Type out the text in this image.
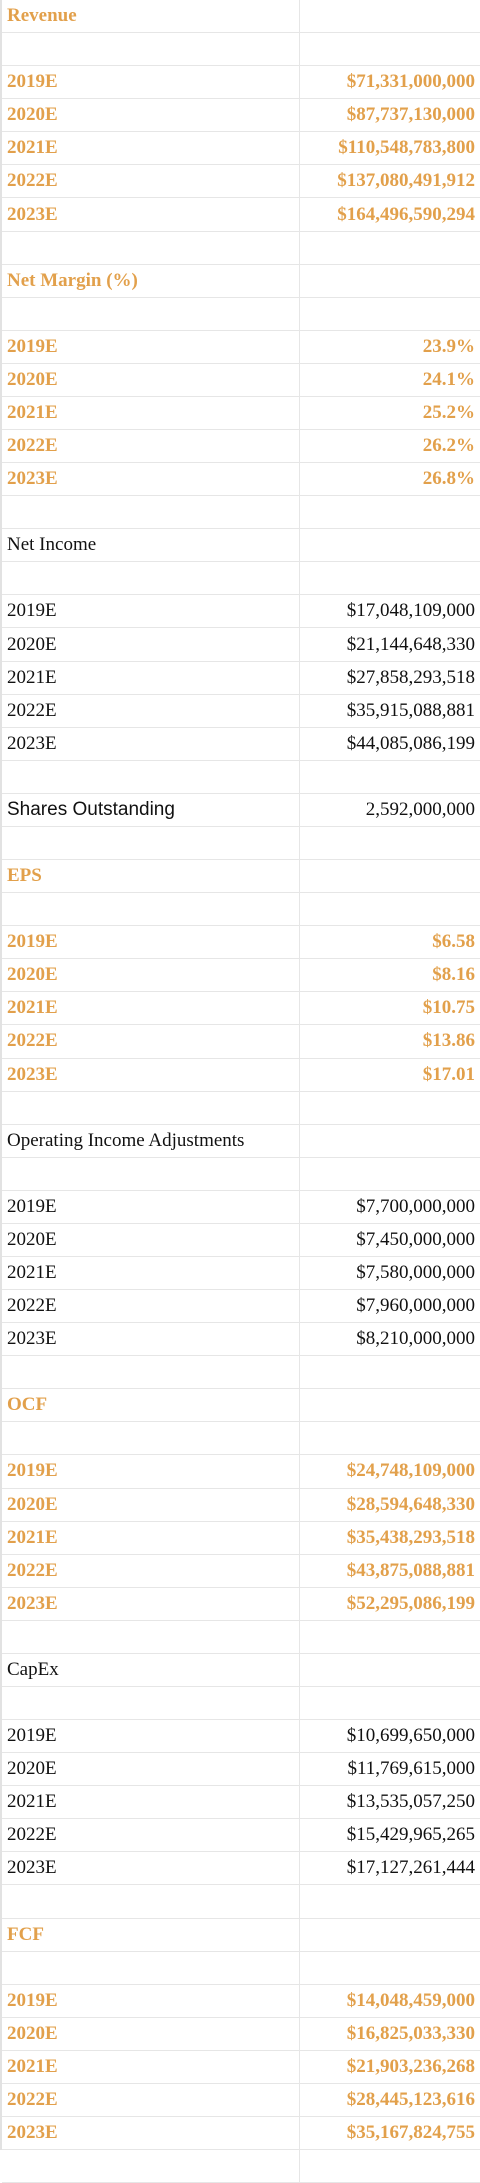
Revenue
2019E	$71,331,000,000
2020E	$87,737,130,000
2021E	$110,548,783,800
2022E	$137,080,491,912
2023E	$164,496,590,294
Net Margin (%)
2019E	23.9%
2020E	24.1%
2021E	25.2%
2022E	26.2%
2023E	26.8%
Net Income
2019E	$17,048,109,000
2020E	$21,144,648,330
2021E	$27,858,293,518
2022E	$35,915,088,881
2023E	$44,085,086,199
Shares Outstanding	2,592,000,000
EPS
2019E	$6.58
2020E	$8.16
2021E	$10.75
2022E	$13.86
2023E	$17.01
Operating Income Adjustments
2019E	$7,700,000,000
2020E	$7,450,000,000
2021E	$7,580,000,000
2022E	$7,960,000,000
2023E	$8,210,000,000
OCF
2019E	$24,748,109,000
2020E	$28,594,648,330
2021E	$35,438,293,518
2022E	$43,875,088,881
2023E	$52,295,086,199
CapEx
2019E	$10,699,650,000
2020E	$11,769,615,000
2021E	$13,535,057,250
2022E	$15,429,965,265
2023E	$17,127,261,444
FCF
2019E	$14,048,459,000
2020E	$16,825,033,330
2021E	$21,903,236,268
2022E	$28,445,123,616
2023E	$35,167,824,755
